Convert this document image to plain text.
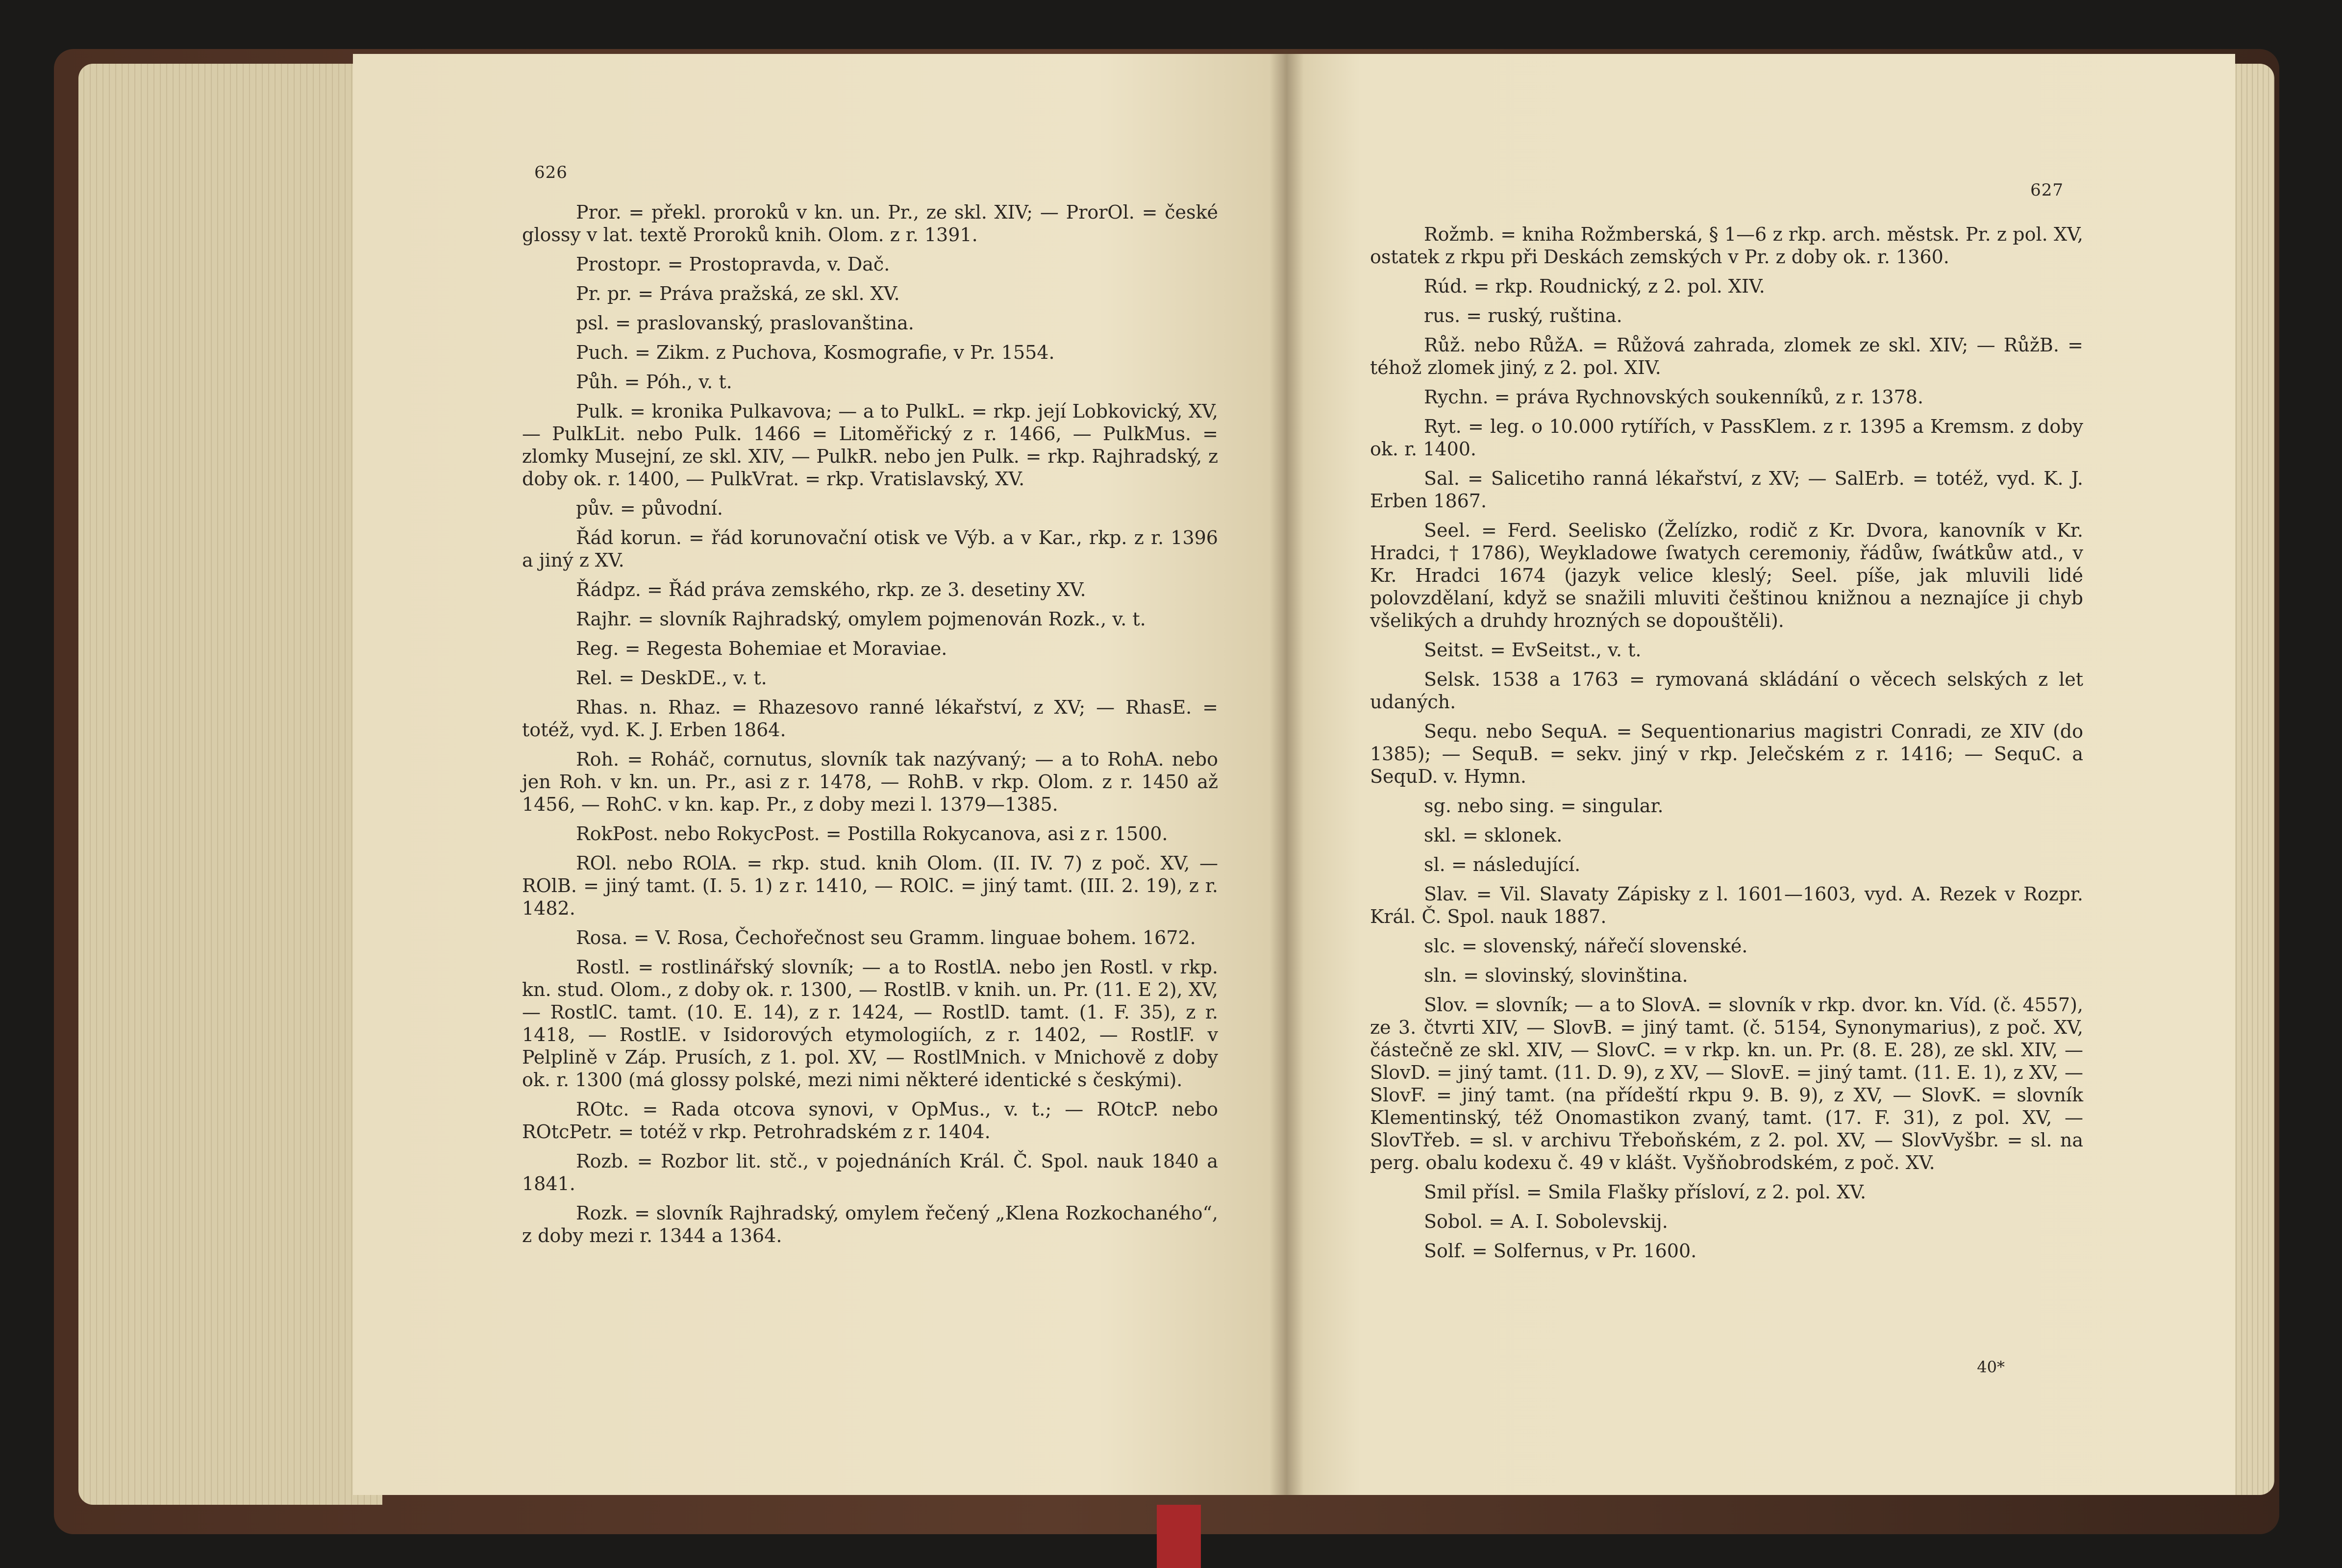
626

Pror. = překl. proroků v kn. un. Pr., ze skl. XIV; — ProrOl. = české glossy v lat. textě Proroků knih. Olom. z r. 1391.

Prostopr. = Prostopravda, v. Dač.

Pr. pr. = Práva pražská, ze skl. XV.

psl. = praslovanský, praslovanština.

Puch. = Zikm. z Puchova, Kosmografie, v Pr. 1554.

Půh. = Póh., v. t.

Pulk. = kronika Pulkavova; — a to PulkL. = rkp. její Lobkovický, XV, — PulkLit. nebo Pulk. 1466 = Litoměřický z r. 1466, — PulkMus. = zlomky Musejní, ze skl. XIV, — PulkR. nebo jen Pulk. = rkp. Rajhradský, z doby ok. r. 1400, — PulkVrat. = rkp. Vratislavský, XV.

pův. = původní.

Řád korun. = řád korunovační otisk ve Výb. a v Kar., rkp. z r. 1396 a jiný z XV.

Řádpz. = Řád práva zemského, rkp. ze 3. desetiny XV.

Rajhr. = slovník Rajhradský, omylem pojmenován Rozk., v. t.

Reg. = Regesta Bohemiae et Moraviae.

Rel. = DeskDE., v. t.

Rhas. n. Rhaz. = Rhazesovo ranné lékařství, z XV; — RhasE. = totéž, vyd. K. J. Erben 1864.

Roh. = Roháč, cornutus, slovník tak nazývaný; — a to RohA. nebo jen Roh. v kn. un. Pr., asi z r. 1478, — RohB. v rkp. Olom. z r. 1450 až 1456, — RohC. v kn. kap. Pr., z doby mezi l. 1379—1385.

RokPost. nebo RokycPost. = Postilla Rokycanova, asi z r. 1500.

ROl. nebo ROlA. = rkp. stud. knih Olom. (II. IV. 7) z poč. XV, — ROlB. = jiný tamt. (I. 5. 1) z r. 1410, — ROlC. = jiný tamt. (III. 2. 19), z r. 1482.

Rosa. = V. Rosa, Čechořečnost seu Gramm. linguae bohem. 1672.

Rostl. = rostlinářský slovník; — a to RostlA. nebo jen Rostl. v rkp. kn. stud. Olom., z doby ok. r. 1300, — RostlB. v knih. un. Pr. (11. E 2), XV, — RostlC. tamt. (10. E. 14), z r. 1424, — RostlD. tamt. (1. F. 35), z r. 1418, — RostlE. v Isidorových etymologiích, z r. 1402, — RostlF. v Pelplině v Záp. Prusích, z 1. pol. XV, — RostlMnich. v Mnichově z doby ok. r. 1300 (má glossy polské, mezi nimi některé identické s českými).

ROtc. = Rada otcova synovi, v OpMus., v. t.; — ROtcP. nebo ROtcPetr. = totéž v rkp. Petrohradském z r. 1404.

Rozb. = Rozbor lit. stč., v pojednáních Král. Č. Spol. nauk 1840 a 1841.

Rozk. = slovník Rajhradský, omylem řečený „Klena Rozkochaného“, z doby mezi r. 1344 a 1364.

627

Rožmb. = kniha Rožmberská, § 1—6 z rkp. arch. městsk. Pr. z pol. XV, ostatek z rkpu při Deskách zemských v Pr. z doby ok. r. 1360.

Rúd. = rkp. Roudnický, z 2. pol. XIV.

rus. = ruský, ruština.

Růž. nebo RůžA. = Růžová zahrada, zlomek ze skl. XIV; — RůžB. = téhož zlomek jiný, z 2. pol. XIV.

Rychn. = práva Rychnovských soukenníků, z r. 1378.

Ryt. = leg. o 10.000 rytířích, v PassKlem. z r. 1395 a Kremsm. z doby ok. r. 1400.

Sal. = Salicetiho ranná lékařství, z XV; — SalErb. = totéž, vyd. K. J. Erben 1867.

Seel. = Ferd. Seelisko (Želízko, rodič z Kr. Dvora, kanovník v Kr. Hradci, † 1786), Weykladowe ſwatych ceremoniy, řádůw, ſwátkůw atd., v Kr. Hradci 1674 (jazyk velice kleslý; Seel. píše, jak mluvili lidé polovzdělaní, když se snažili mluviti češtinou knižnou a neznajíce ji chyb všelikých a druhdy hrozných se dopouštěli).

Seitst. = EvSeitst., v. t.

Selsk. 1538 a 1763 = rymovaná skládání o věcech selských z let udaných.

Sequ. nebo SequA. = Sequentionarius magistri Conradi, ze XIV (do 1385); — SequB. = sekv. jiný v rkp. Jelečském z r. 1416; — SequC. a SequD. v. Hymn.

sg. nebo sing. = singular.

skl. = sklonek.

sl. = následující.

Slav. = Vil. Slavaty Zápisky z l. 1601—1603, vyd. A. Rezek v Rozpr. Král. Č. Spol. nauk 1887.

slc. = slovenský, nářečí slovenské.

sln. = slovinský, slovinština.

Slov. = slovník; — a to SlovA. = slovník v rkp. dvor. kn. Víd. (č. 4557), ze 3. čtvrti XIV, — SlovB. = jiný tamt. (č. 5154, Synonymarius), z poč. XV, částečně ze skl. XIV, — SlovC. = v rkp. kn. un. Pr. (8. E. 28), ze skl. XIV, — SlovD. = jiný tamt. (11. D. 9), z XV, — SlovE. = jiný tamt. (11. E. 1), z XV, — SlovF. = jiný tamt. (na přídeští rkpu 9. B. 9), z XV, — SlovK. = slovník Klementinský, též Onomastikon zvaný, tamt. (17. F. 31), z pol. XV, — SlovTřeb. = sl. v archivu Třeboňském, z 2. pol. XV, — SlovVyšbr. = sl. na perg. obalu kodexu č. 49 v klášt. Vyšňobrodském, z poč. XV.

Smil přísl. = Smila Flašky přísloví, z 2. pol. XV.

Sobol. = A. I. Sobolevskij.

Solf. = Solfernus, v Pr. 1600.

40*
